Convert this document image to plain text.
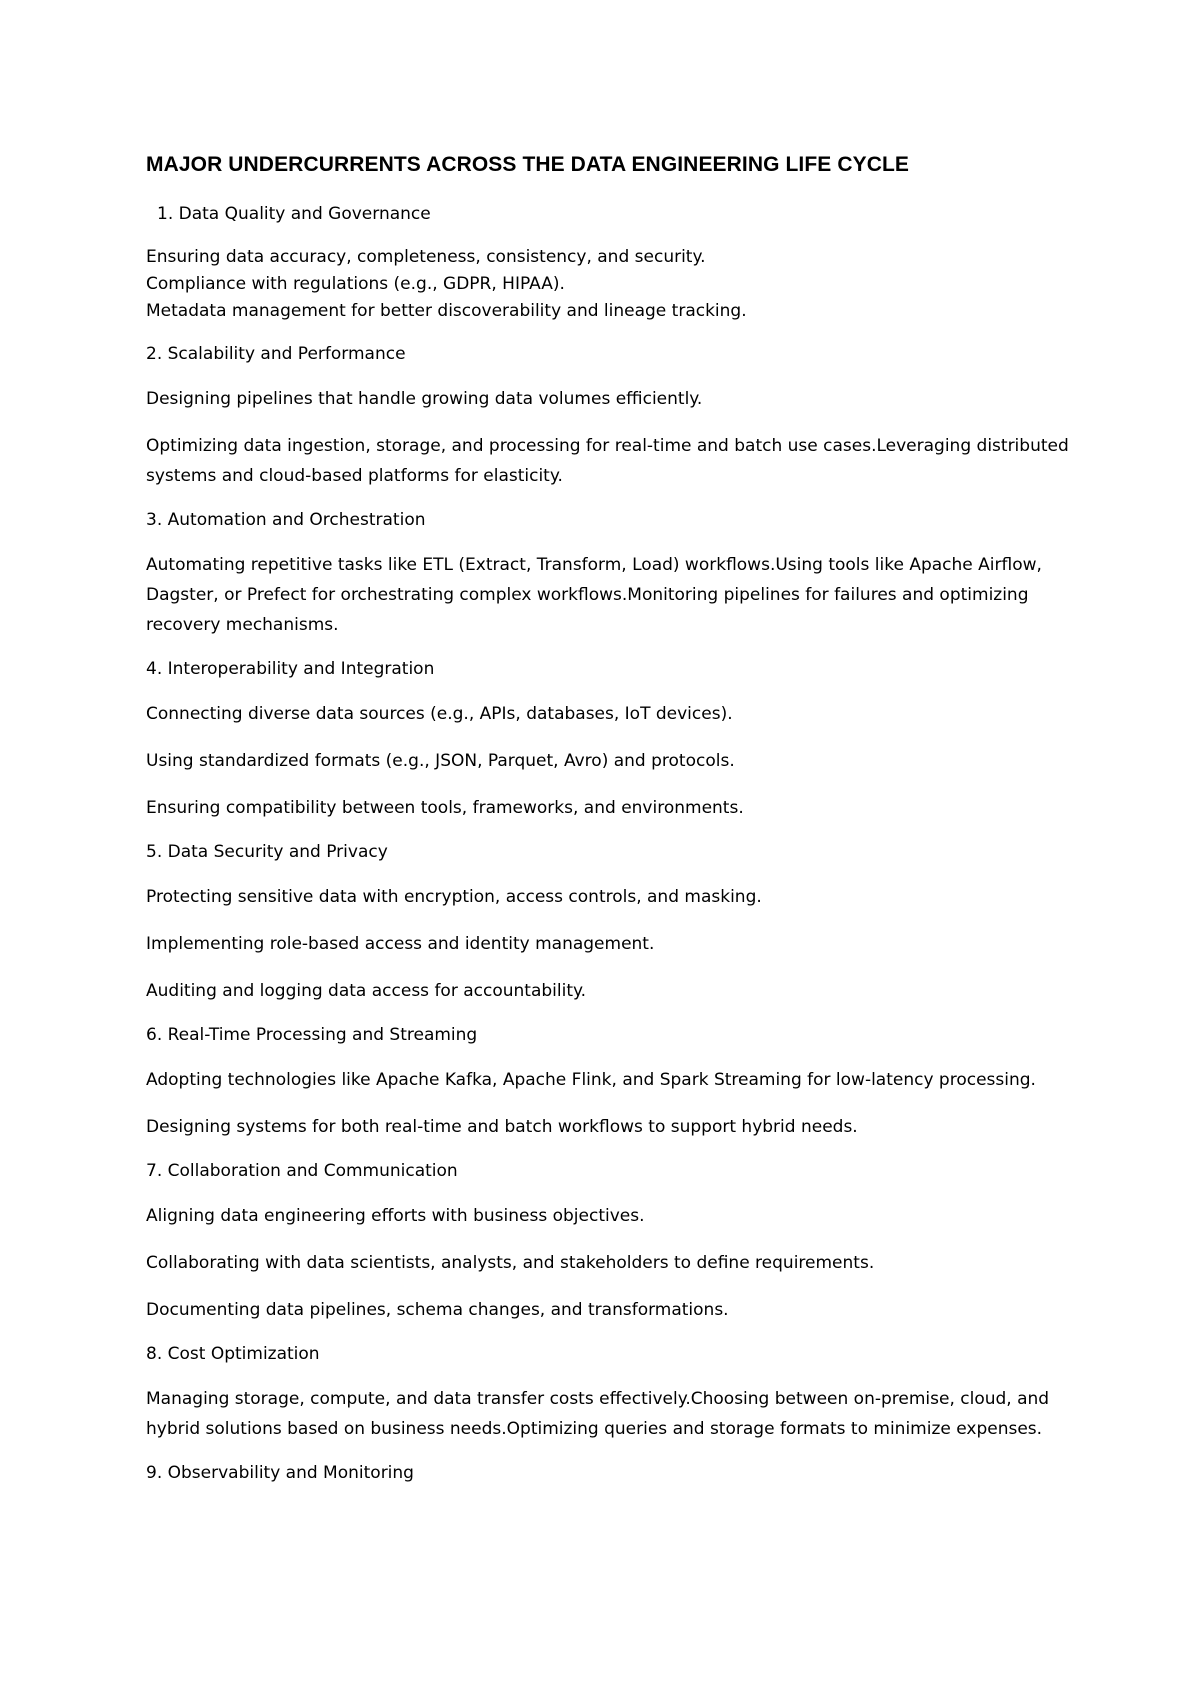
MAJOR UNDERCURRENTS ACROSS THE DATA ENGINEERING LIFE CYCLE
1. Data Quality and Governance
Ensuring data accuracy, completeness, consistency, and security.
Compliance with regulations (e.g., GDPR, HIPAA).
Metadata management for better discoverability and lineage tracking.
2. Scalability and Performance
Designing pipelines that handle growing data volumes efficiently.
Optimizing data ingestion, storage, and processing for real-time and batch use cases.Leveraging distributed systems and cloud-based platforms for elasticity.
3. Automation and Orchestration
Automating repetitive tasks like ETL (Extract, Transform, Load) workflows.Using tools like Apache Airflow, Dagster, or Prefect for orchestrating complex workflows.Monitoring pipelines for failures and optimizing recovery mechanisms.
4. Interoperability and Integration
Connecting diverse data sources (e.g., APIs, databases, IoT devices).
Using standardized formats (e.g., JSON, Parquet, Avro) and protocols.
Ensuring compatibility between tools, frameworks, and environments.
5. Data Security and Privacy
Protecting sensitive data with encryption, access controls, and masking.
Implementing role-based access and identity management.
Auditing and logging data access for accountability.
6. Real-Time Processing and Streaming
Adopting technologies like Apache Kafka, Apache Flink, and Spark Streaming for low-latency processing.
Designing systems for both real-time and batch workflows to support hybrid needs.
7. Collaboration and Communication
Aligning data engineering efforts with business objectives.
Collaborating with data scientists, analysts, and stakeholders to define requirements.
Documenting data pipelines, schema changes, and transformations.
8. Cost Optimization
Managing storage, compute, and data transfer costs effectively.Choosing between on-premise, cloud, and hybrid solutions based on business needs.Optimizing queries and storage formats to minimize expenses.
9. Observability and Monitoring
